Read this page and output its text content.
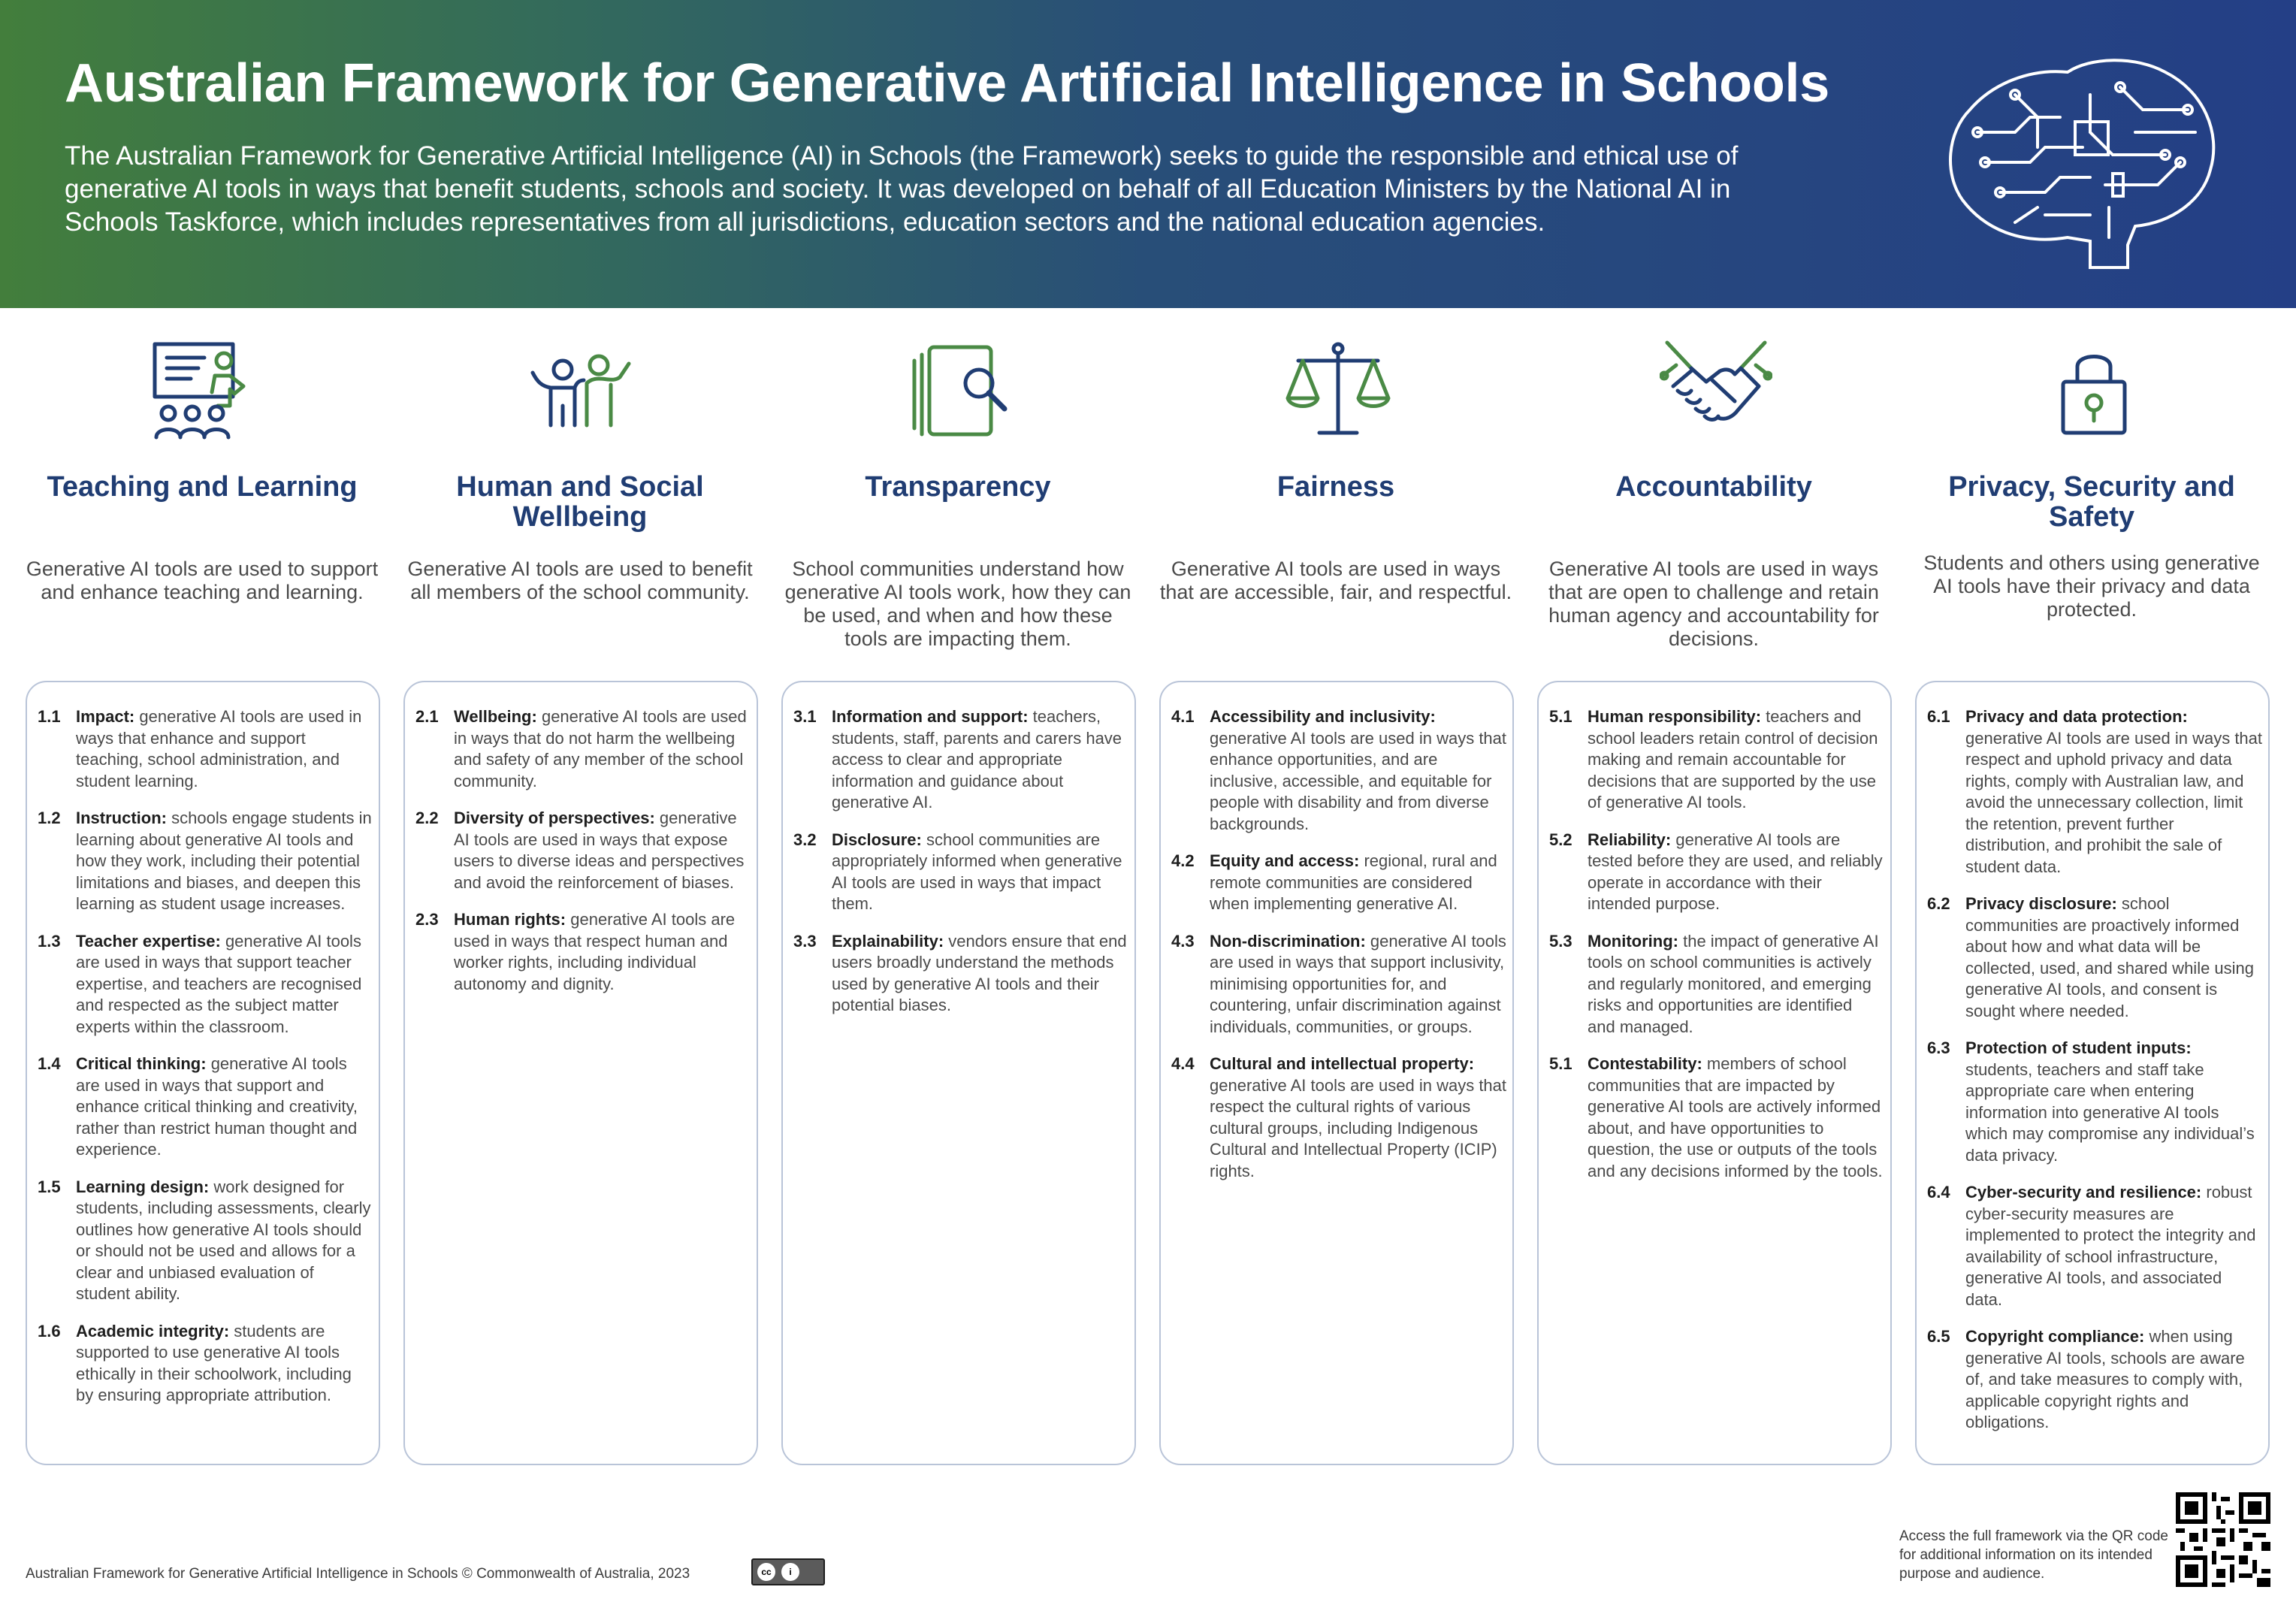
Australian Framework for Generative Artificial Intelligence in Schools

The Australian Framework for Generative Artificial Intelligence (AI) in Schools (the Framework) seeks to guide the responsible and ethical use of generative AI tools in ways that benefit students, schools and society. It was developed on behalf of all Education Ministers by the National AI in Schools Taskforce, which includes representatives from all jurisdictions, education sectors and the national education agencies.

Teaching and Learning
Generative AI tools are used to support and enhance teaching and learning.
1.1 Impact: generative AI tools are used in ways that enhance and support teaching, school administration, and student learning.
1.2 Instruction: schools engage students in learning about generative AI tools and how they work, including their potential limitations and biases, and deepen this learning as student usage increases.
1.3 Teacher expertise: generative AI tools are used in ways that support teacher expertise, and teachers are recognised and respected as the subject matter experts within the classroom.
1.4 Critical thinking: generative AI tools are used in ways that support and enhance critical thinking and creativity, rather than restrict human thought and experience.
1.5 Learning design: work designed for students, including assessments, clearly outlines how generative AI tools should or should not be used and allows for a clear and unbiased evaluation of student ability.
1.6 Academic integrity: students are supported to use generative AI tools ethically in their schoolwork, including by ensuring appropriate attribution.
Human and Social Wellbeing
Generative AI tools are used to benefit all members of the school community.
2.1 Wellbeing: generative AI tools are used in ways that do not harm the wellbeing and safety of any member of the school community.
2.2 Diversity of perspectives: generative AI tools are used in ways that expose users to diverse ideas and perspectives and avoid the reinforcement of biases.
2.3 Human rights: generative AI tools are used in ways that respect human and worker rights, including individual autonomy and dignity.
Transparency
School communities understand how generative AI tools work, how they can be used, and when and how these tools are impacting them.
3.1 Information and support: teachers, students, staff, parents and carers have access to clear and appropriate information and guidance about generative AI.
3.2 Disclosure: school communities are appropriately informed when generative AI tools are used in ways that impact them.
3.3 Explainability: vendors ensure that end users broadly understand the methods used by generative AI tools and their potential biases.
Fairness
Generative AI tools are used in ways that are accessible, fair, and respectful.
4.1 Accessibility and inclusivity: generative AI tools are used in ways that enhance opportunities, and are inclusive, accessible, and equitable for people with disability and from diverse backgrounds.
4.2 Equity and access: regional, rural and remote communities are considered when implementing generative AI.
4.3 Non-discrimination: generative AI tools are used in ways that support inclusivity, minimising opportunities for, and countering, unfair discrimination against individuals, communities, or groups.
4.4 Cultural and intellectual property: generative AI tools are used in ways that respect the cultural rights of various cultural groups, including Indigenous Cultural and Intellectual Property (ICIP) rights.
Accountability
Generative AI tools are used in ways that are open to challenge and retain human agency and accountability for decisions.
5.1 Human responsibility: teachers and school leaders retain control of decision making and remain accountable for decisions that are supported by the use of generative AI tools.
5.2 Reliability: generative AI tools are tested before they are used, and reliably operate in accordance with their intended purpose.
5.3 Monitoring: the impact of generative AI tools on school communities is actively and regularly monitored, and emerging risks and opportunities are identified and managed.
5.1 Contestability: members of school communities that are impacted by generative AI tools are actively informed about, and have opportunities to question, the use or outputs of the tools and any decisions informed by the tools.
Privacy, Security and Safety
Students and others using generative AI tools have their privacy and data protected.
6.1 Privacy and data protection: generative AI tools are used in ways that respect and uphold privacy and data rights, comply with Australian law, and avoid the unnecessary collection, limit the retention, prevent further distribution, and prohibit the sale of student data.
6.2 Privacy disclosure: school communities are proactively informed about how and what data will be collected, used, and shared while using generative AI tools, and consent is sought where needed.
6.3 Protection of student inputs: students, teachers and staff take appropriate care when entering information into generative AI tools which may compromise any individual’s data privacy.
6.4 Cyber-security and resilience: robust cyber-security measures are implemented to protect the integrity and availability of school infrastructure, generative AI tools, and associated data.
6.5 Copyright compliance: when using generative AI tools, schools are aware of, and take measures to comply with, applicable copyright rights and obligations.
Australian Framework for Generative Artificial Intelligence in Schools © Commonwealth of Australia, 2023	cc	i
Access the full framework via the QR code for additional information on its intended purpose and audience.
